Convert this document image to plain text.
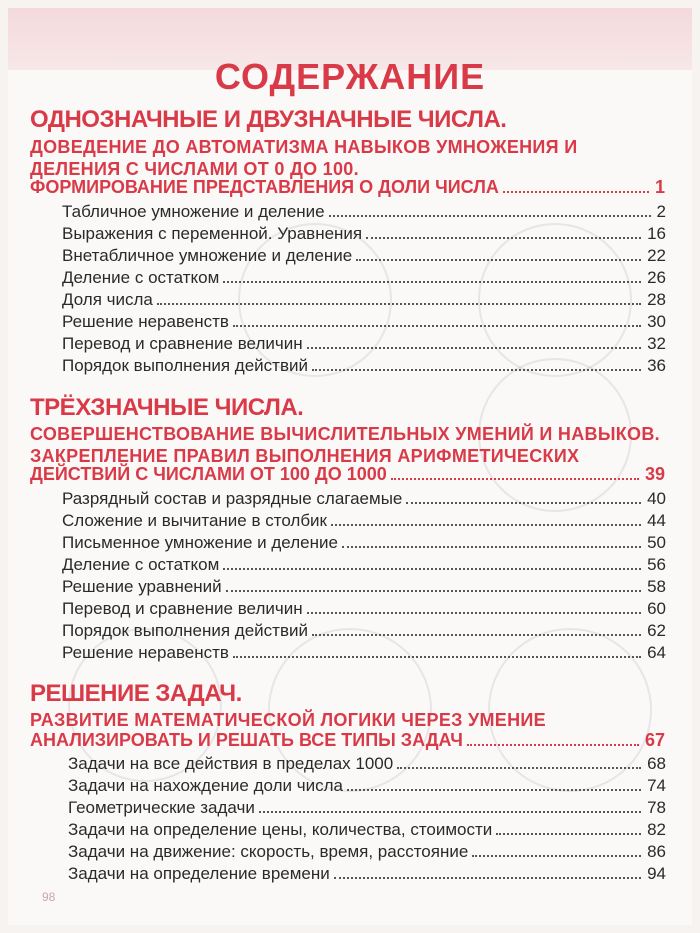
98
СОДЕРЖАНИЕ
ОДНОЗНАЧНЫЕ И ДВУЗНАЧНЫЕ ЧИСЛА.
ДОВЕДЕНИЕ ДО АВТОМАТИЗМА НАВЫКОВ УМНОЖЕНИЯ И
ДЕЛЕНИЯ С ЧИСЛАМИ ОТ 0 ДО 100.
ФОРМИРОВАНИЕ ПРЕДСТАВЛЕНИЯ О ДОЛИ ЧИСЛА	1
Табличное умножение и деление	2
Выражения с переменной. Уравнения	16
Внетабличное умножение и деление	22
Деление с остатком	26
Доля числа	28
Решение неравенств	30
Перевод и сравнение величин	32
Порядок выполнения действий	36
ТРЁХЗНАЧНЫЕ ЧИСЛА.
СОВЕРШЕНСТВОВАНИЕ ВЫЧИСЛИТЕЛЬНЫХ УМЕНИЙ И НАВЫКОВ.
ЗАКРЕПЛЕНИЕ ПРАВИЛ ВЫПОЛНЕНИЯ АРИФМЕТИЧЕСКИХ
ДЕЙСТВИЙ С ЧИСЛАМИ ОТ 100 ДО 1000	39
Разрядный состав и разрядные слагаемые	40
Сложение и вычитание в столбик	44
Письменное умножение и деление	50
Деление с остатком	56
Решение уравнений	58
Перевод и сравнение величин	60
Порядок выполнения действий	62
Решение неравенств	64
РЕШЕНИЕ ЗАДАЧ.
РАЗВИТИЕ МАТЕМАТИЧЕСКОЙ ЛОГИКИ ЧЕРЕЗ УМЕНИЕ
АНАЛИЗИРОВАТЬ И РЕШАТЬ ВСЕ ТИПЫ ЗАДАЧ	67
Задачи на все действия в пределах 1000	68
Задачи на нахождение доли числа	74
Геометрические задачи	78
Задачи на определение цены, количества, стоимости	82
Задачи на движение: скорость, время, расстояние	86
Задачи на определение времени	94
